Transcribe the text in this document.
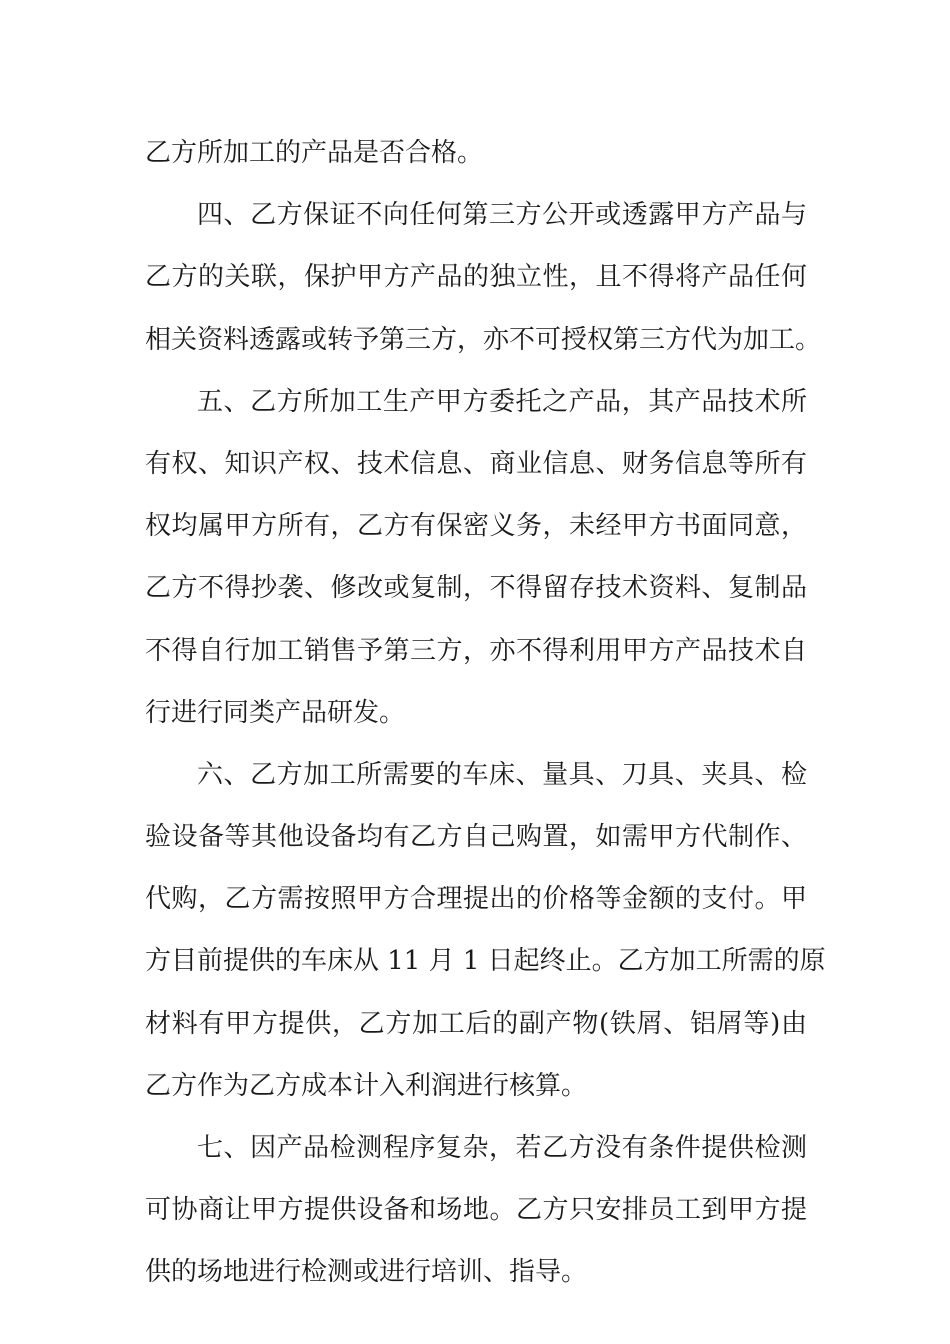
乙方所加工的产品是否合格。
四、乙方保证不向任何第三方公开或透露甲方产品与
乙方的关联，保护甲方产品的独立性，且不得将产品任何
相关资料透露或转予第三方，亦不可授权第三方代为加工。
五、乙方所加工生产甲方委托之产品，其产品技术所
有权、知识产权、技术信息、商业信息、财务信息等所有
权均属甲方所有，乙方有保密义务，未经甲方书面同意，
乙方不得抄袭、修改或复制，不得留存技术资料、复制品
不得自行加工销售予第三方，亦不得利用甲方产品技术自
行进行同类产品研发。
六、乙方加工所需要的车床、量具、刀具、夹具、检
验设备等其他设备均有乙方自己购置，如需甲方代制作、
代购，乙方需按照甲方合理提出的价格等金额的支付。甲
方目前提供的车床从 11 月 1 日起终止。乙方加工所需的原
材料有甲方提供，乙方加工后的副产物(铁屑、铝屑等)由
乙方作为乙方成本计入利润进行核算。
七、因产品检测程序复杂，若乙方没有条件提供检测
可协商让甲方提供设备和场地。乙方只安排员工到甲方提
供的场地进行检测或进行培训、指导。
